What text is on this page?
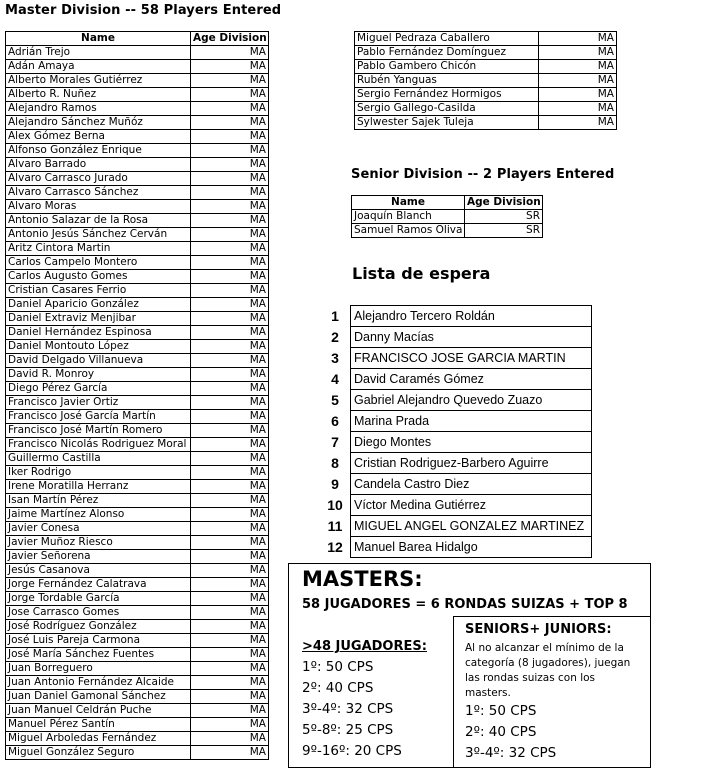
Master Division -- 58 Players Entered
Name	Age Division
Adrián Trejo	MA
Adán Amaya	MA
Alberto Morales Gutiérrez	MA
Alberto R. Nuñez	MA
Alejandro Ramos	MA
Alejandro Sánchez Muñóz	MA
Alex Gómez Berna	MA
Alfonso González Enrique	MA
Alvaro Barrado	MA
Alvaro Carrasco Jurado	MA
Alvaro Carrasco Sánchez	MA
Alvaro Moras	MA
Antonio Salazar de la Rosa	MA
Antonio Jesús Sánchez Cerván	MA
Aritz Cintora Martin	MA
Carlos Campelo Montero	MA
Carlos Augusto Gomes	MA
Cristian Casares Ferrio	MA
Daniel Aparicio González	MA
Daniel Extraviz Menjibar	MA
Daniel Hernández Espinosa	MA
Daniel Montouto López	MA
David Delgado Villanueva	MA
David R. Monroy	MA
Diego Pérez García	MA
Francisco Javier Ortiz	MA
Francisco José García Martín	MA
Francisco José Martín Romero	MA
Francisco Nicolás Rodriguez Moral	MA
Guillermo Castilla	MA
Iker Rodrigo	MA
Irene Moratilla Herranz	MA
Isan Martín Pérez	MA
Jaime Martínez Alonso	MA
Javier Conesa	MA
Javier Muñoz Riesco	MA
Javier Señorena	MA
Jesús Casanova	MA
Jorge Fernández Calatrava	MA
Jorge Tordable García	MA
Jose Carrasco Gomes	MA
José Rodríguez González	MA
José Luis Pareja Carmona	MA
José María Sánchez Fuentes	MA
Juan Borreguero	MA
Juan Antonio Fernández Alcaide	MA
Juan Daniel Gamonal Sánchez	MA
Juan Manuel Celdrán Puche	MA
Manuel Pérez Santín	MA
Miguel Arboledas Fernández	MA
Miguel González Seguro	MA
Miguel Pedraza Caballero	MA
Pablo Fernández Domínguez	MA
Pablo Gambero Chicón	MA
Rubén Yanguas	MA
Sergio Fernández Hormigos	MA
Sergio Gallego-Casilda	MA
Sylwester Sajek Tuleja	MA
Senior Division -- 2 Players Entered
Name	Age Division
Joaquín Blanch	SR
Samuel Ramos Oliva	SR
Lista de espera
1	Alejandro Tercero Roldán
2	Danny Macías
3	FRANCISCO JOSE GARCIA MARTIN
4	David Caramés Gómez
5	Gabriel Alejandro Quevedo Zuazo
6	Marina Prada
7	Diego Montes
8	Cristian Rodriguez-Barbero Aguirre
9	Candela Castro Diez
10	Víctor Medina Gutiérrez
11	MIGUEL ANGEL GONZALEZ MARTINEZ
12	Manuel Barea Hidalgo
MASTERS:
58 JUGADORES = 6 RONDAS SUIZAS + TOP 8
>48 JUGADORES:
1º: 50 CPS
2º: 40 CPS
3º-4º: 32 CPS
5º-8º: 25 CPS
9º-16º: 20 CPS
SENIORS+ JUNIORS:
Al no alcanzar el mínimo de la categoría (8 jugadores), juegan las rondas suizas con los masters.
1º: 50 CPS
2º: 40 CPS
3º-4º: 32 CPS
